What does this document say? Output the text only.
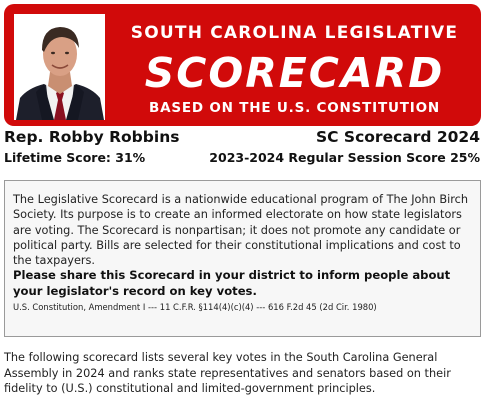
SOUTH CAROLINA LEGISLATIVE
SCORECARD
BASED ON THE U.S. CONSTITUTION
Rep. Robby Robbins	SC Scorecard 2024
Lifetime Score: 31%	2023-2024 Regular Session Score 25%

The Legislative Scorecard is a nationwide educational program of The John Birch Society. Its purpose is to create an informed electorate on how state legislators are voting. The Scorecard is nonpartisan; it does not promote any candidate or political party. Bills are selected for their constitutional implications and cost to the taxpayers.

Please share this Scorecard in your district to inform people about your legislator's record on key votes.

U.S. Constitution, Amendment I --- 11 C.F.R. §114(4)(c)(4) --- 616 F.2d 45 (2d Cir. 1980)

The following scorecard lists several key votes in the South Carolina General Assembly in 2024 and ranks state representatives and senators based on their fidelity to (U.S.) constitutional and limited-government principles.
